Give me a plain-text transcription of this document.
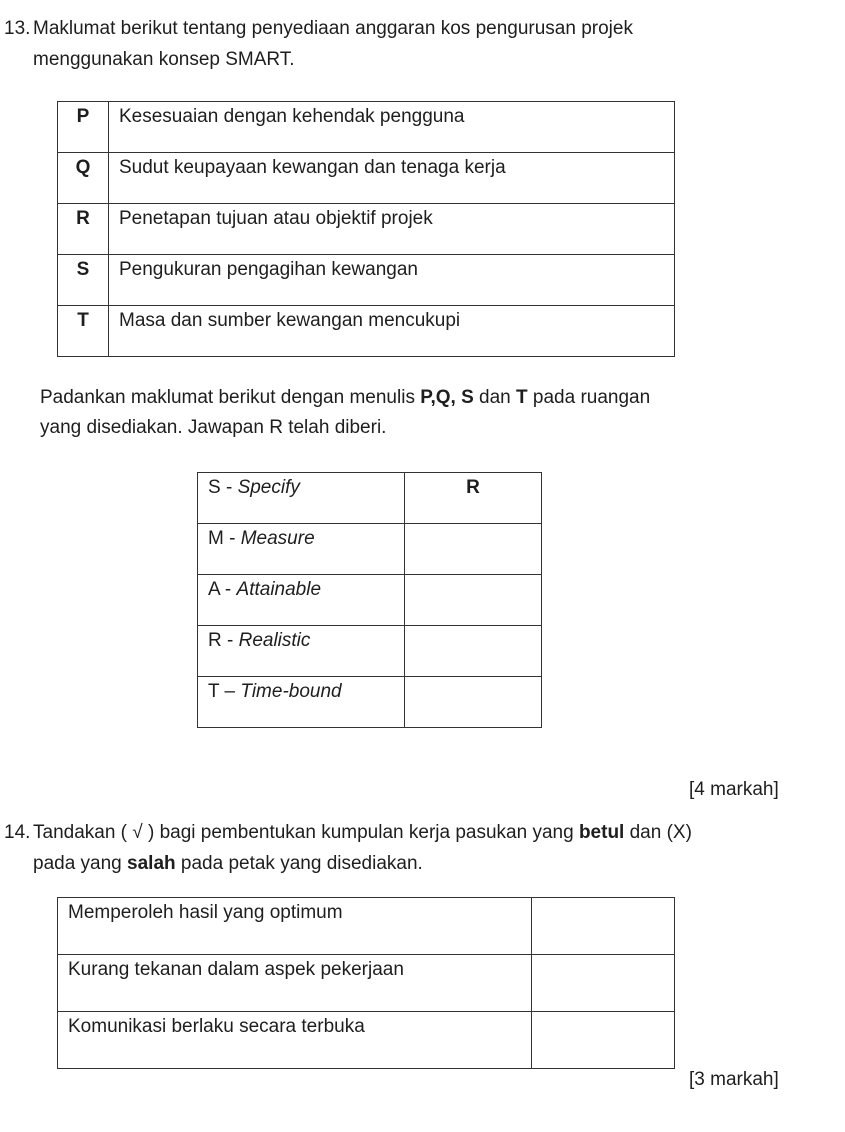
13. Maklumat berikut tentang penyediaan anggaran kos pengurusan projek
menggunakan konsep SMART.
P	Kesesuaian dengan kehendak pengguna
Q	Sudut keupayaan kewangan dan tenaga kerja
R	Penetapan tujuan atau objektif projek
S	Pengukuran pengagihan kewangan
T	Masa dan sumber kewangan mencukupi
Padankan maklumat berikut dengan menulis P,Q, S dan T pada ruangan
yang disediakan. Jawapan R telah diberi.
S - Specify	R
M - Measure	
A - Attainable	
R - Realistic	
T – Time-bound	
[4 markah]
14. Tandakan ( √ ) bagi pembentukan kumpulan kerja pasukan yang betul dan (X)
pada yang salah pada petak yang disediakan.
Memperoleh hasil yang optimum	
Kurang tekanan dalam aspek pekerjaan	
Komunikasi berlaku secara terbuka	
[3 markah]
